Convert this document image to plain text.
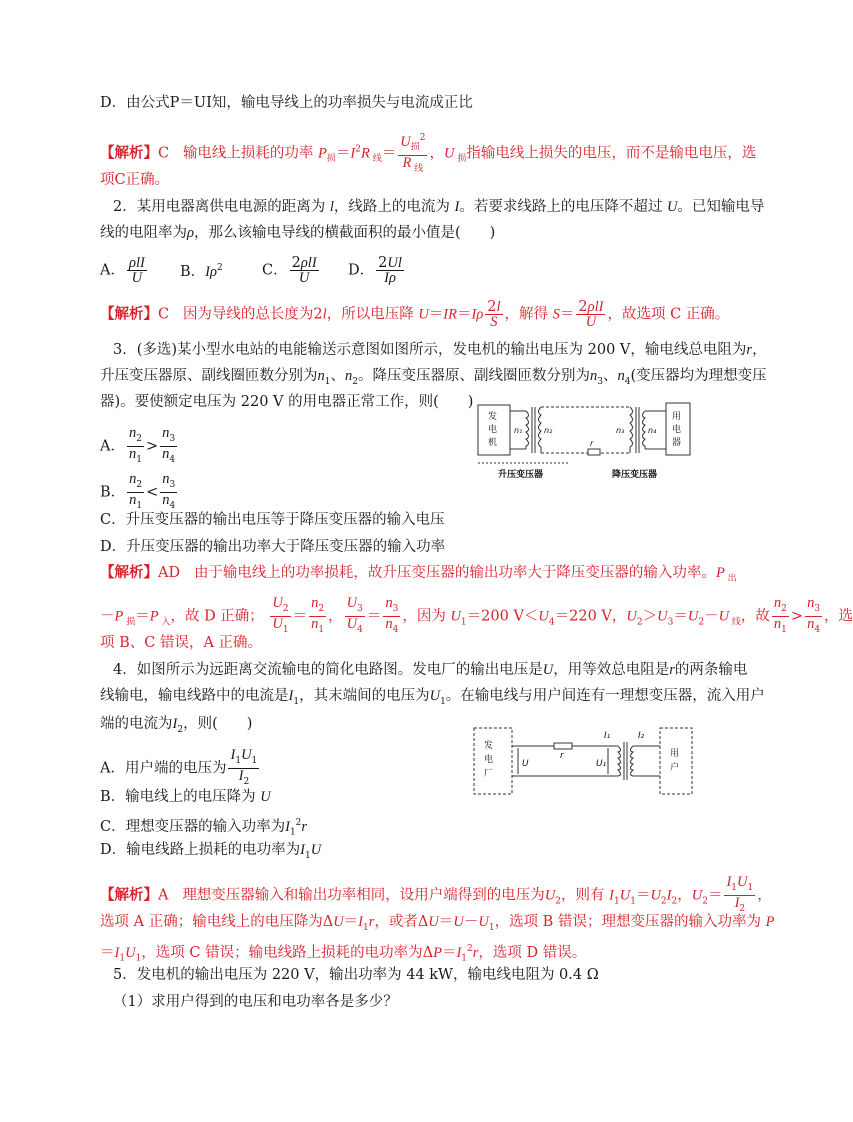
D．由公式P＝UI知，输电导线上的功率损失与电流成正比
【解析】C 输电线上损耗的功率 $P_损=I^2R$ $_线$＝
$U_损^2$
R $_线$
，U $_损$指输电线上损失的电压，而不是输电电压，选
项C正确。
2．某用电器离供电电源的距离为 l，线路上的电流为 I。若要求线路上的电压降不超过 U。已知输电导
线的电阻率为ρ，那么该输电导线的横截面积的最小值是(　　)
A． ρlI
U	B．$I\rho^2$	C． 2ρlI
U	D． $\frac{2Ul}{I\rho}$
【解析】C 因为导线的总长度为2l，所以电压降 $U=IR=I\rho \frac{2l}{S}$ ，解得 S＝ 2ρlI
U ，故选项 C 正确。
3．(多选)某小型水电站的电能输送示意图如图所示，发电机的输出电压为 200 V，输电线总电阻为r，
升压变压器原、副线圈匝数分别为$n_1$、$n_2$。降压变压器原、副线圈匝数分别为$n_3$、$n_4$(变压器均为理想变压
器)。要使额定电压为 220 V 的用电器正常工作，则(　　)
A． $\frac{n_2}{n_1} > \frac{n_3}{n_4}$
B． $\frac{n_2}{n_1} < \frac{n_3}{n_4}$
C．升压变压器的输出电压等于降压变压器的输入电压
D．升压变压器的输出功率大于降压变压器的输入功率
发
电
机
用
电
器
n₁	n₂	n₃	n₄
r
升压变压器	降压变压器
【解析】AD 由于输电线上的功率损耗，故升压变压器的输出功率大于降压变压器的输入功率。P $_出$
－P $_损$＝P $_入$，故 D 正确； $\frac{U_2}{U_1} = \frac{n_2}{n_1}$ ， $\frac{U_3}{U_4} = \frac{n_3}{n_4}$ ，因为 $U_1=200$ $V<U_4=220$ V，$U_2>U_3=U_2-U$ $_线$，故 $\frac{n_2}{n_1} > \frac{n_3}{n_4}$ ，选
项 B、C 错误，A 正确。
4．如图所示为远距离交流输电的简化电路图。发电厂的输出电压是U，用等效总电阻是r的两条输电
线输电，输电线路中的电流是$I_1$，其末端间的电压为$U_1$。在输电线与用户间连有一理想变压器，流入用户
端的电流为$I_2$，则(　　)
A．用户端的电压为 $\frac{I_1U_1}{I_2}$
B．输电线上的电压降为 U
C．理想变压器的输入功率为$I_1^2r$
D．输电线路上损耗的电功率为$I_1U$
发
电
厂
用
户
U	U₁
r
I₁	I₂
【解析】A 理想变压器输入和输出功率相同，设用户端得到的电压为$U_2$，则有 $I_1U_1=U_2I_2$，$U_2= \frac{I_1U_1}{I_2}$ ，
选项 A 正确；输电线上的电压降为$\Delta U=I_1r$，或者$\Delta U=U-U_1$，选项 B 错误；理想变压器的输入功率为 P
$=I_1U_1$，选项 C 错误；输电线路上损耗的电功率为$\Delta P=I_1^2r$，选项 D 错误。
5．发电机的输出电压为 220 V，输出功率为 44 kW，输电线电阻为 0.4 Ω
（1）求用户得到的电压和电功率各是多少？
